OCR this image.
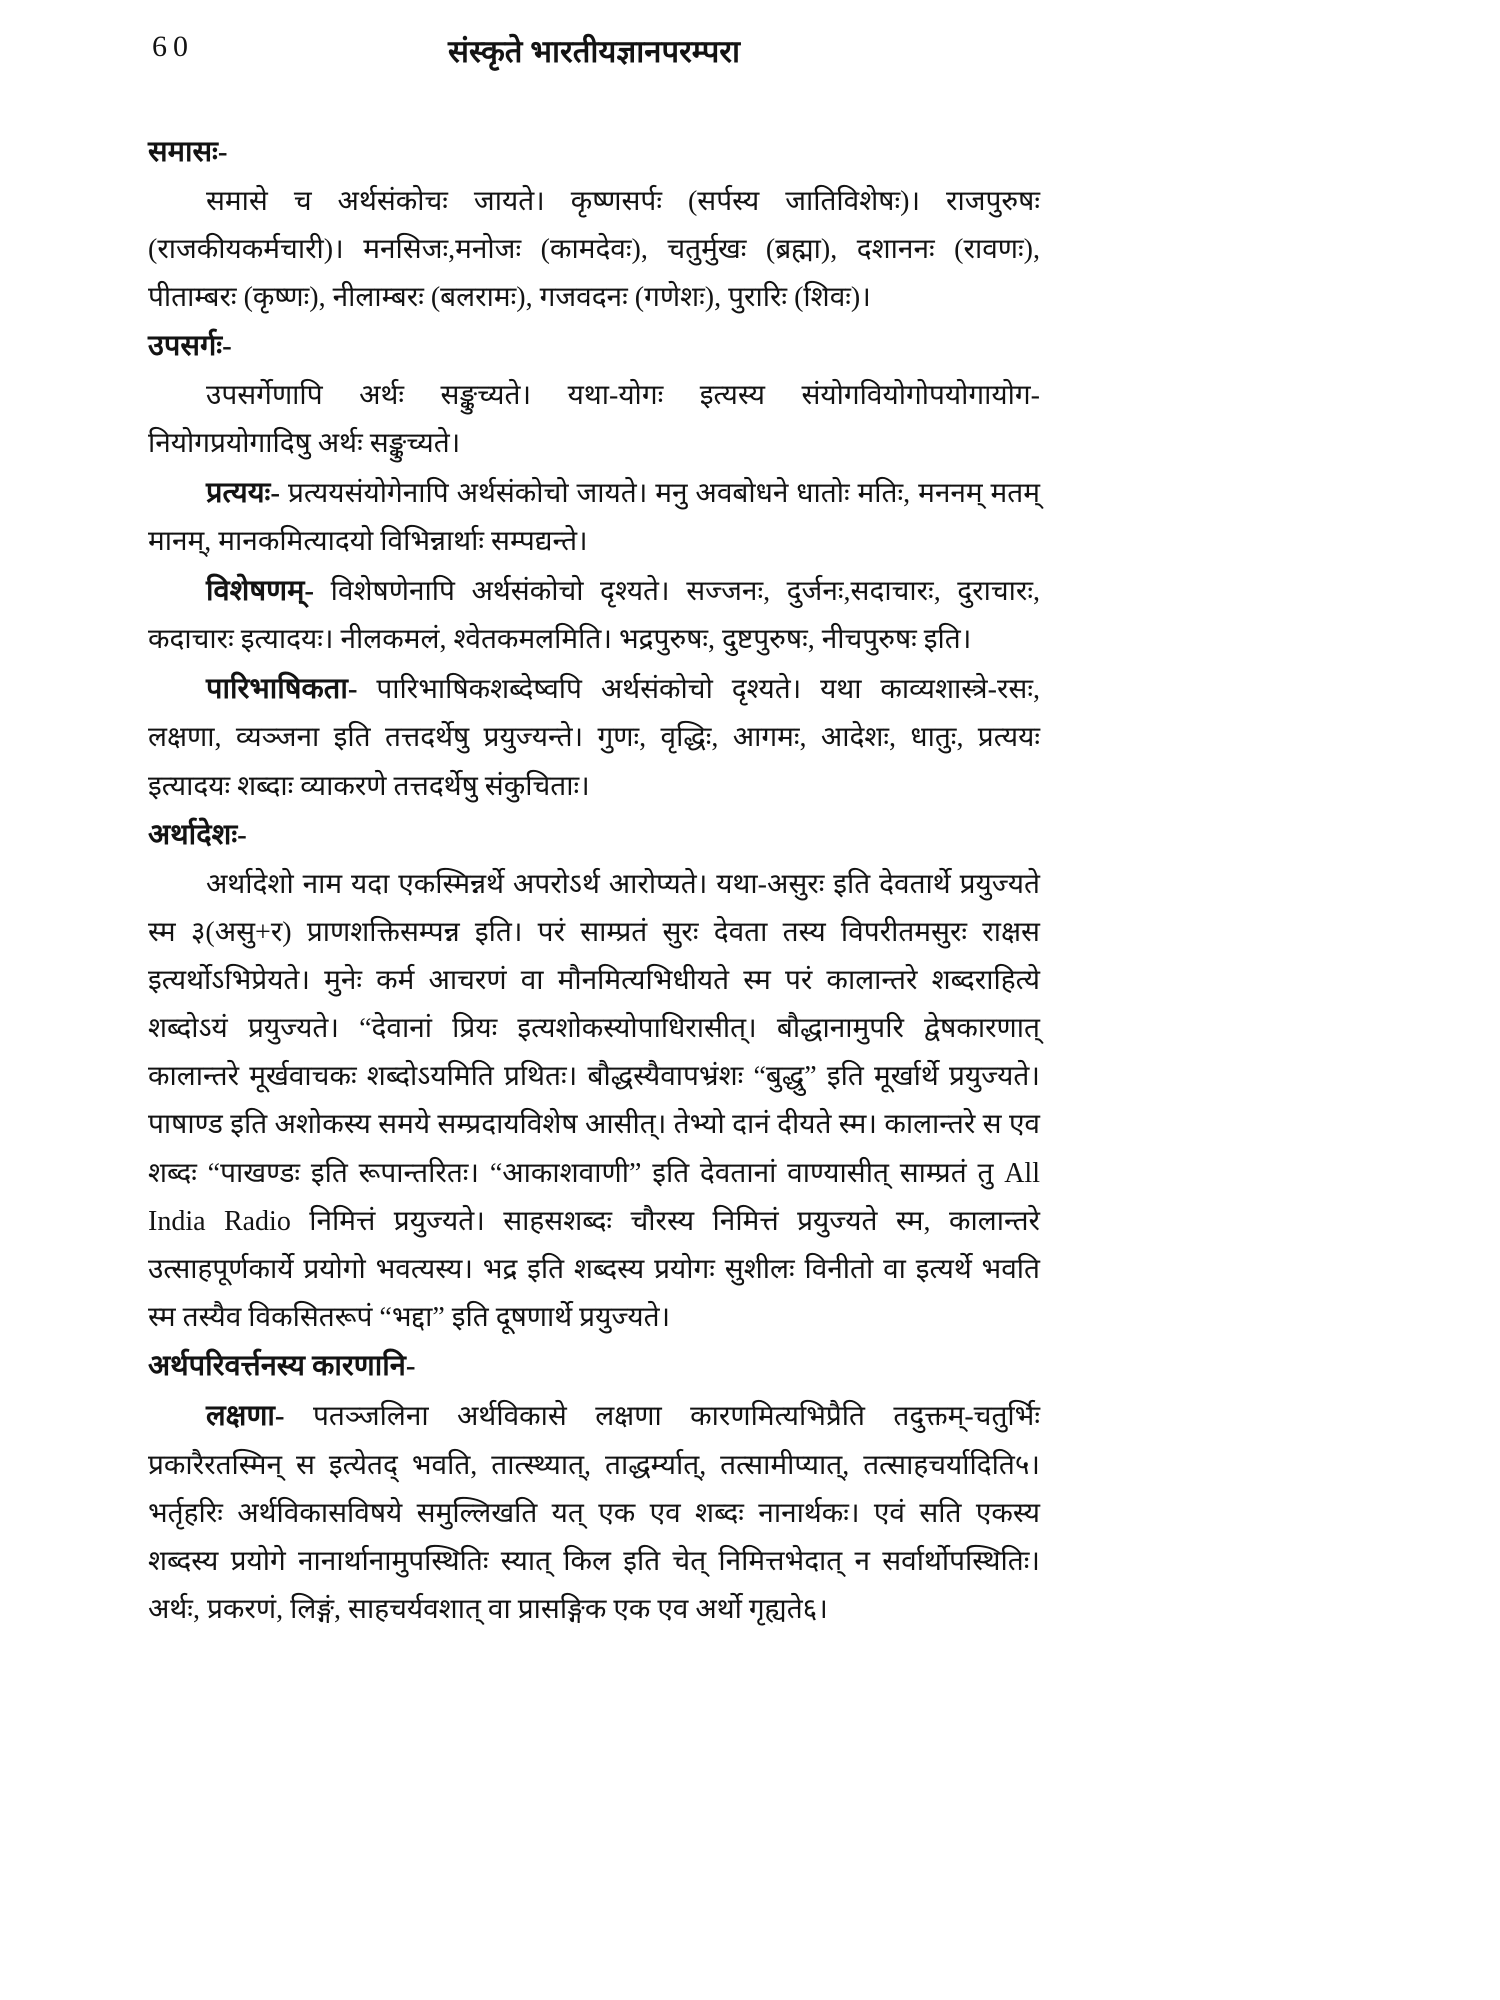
60	संस्कृते भारतीयज्ञानपरम्परा
समासः-
समासे च अर्थसंकोचः जायते। कृष्णसर्पः (सर्पस्य जातिविशेषः)। राजपुरुषः (राजकीयकर्मचारी)। मनसिजः,मनोजः (कामदेवः), चतुर्मुखः (ब्रह्मा), दशाननः (रावणः), पीताम्बरः (कृष्णः), नीलाम्बरः (बलरामः), गजवदनः (गणेशः), पुरारिः (शिवः)।
उपसर्गः-
उपसर्गेणापि अर्थः सङ्कुच्यते। यथा-योगः इत्यस्य संयोगवियोगोपयोगायोग-नियोगप्रयोगादिषु अर्थः सङ्कुच्यते।
प्रत्ययः- प्रत्ययसंयोगेनापि अर्थसंकोचो जायते। मनु अवबोधने धातोः मतिः, मननम् मतम् मानम्, मानकमित्यादयो विभिन्नार्थाः सम्पद्यन्ते।
विशेषणम्- विशेषणेनापि अर्थसंकोचो दृश्यते। सज्जनः, दुर्जनः,सदाचारः, दुराचारः, कदाचारः इत्यादयः। नीलकमलं, श्वेतकमलमिति। भद्रपुरुषः, दुष्टपुरुषः, नीचपुरुषः इति।
पारिभाषिकता- पारिभाषिकशब्देष्वपि अर्थसंकोचो दृश्यते। यथा काव्यशास्त्रे-रसः, लक्षणा, व्यञ्जना इति तत्तदर्थेषु प्रयुज्यन्ते। गुणः, वृद्धिः, आगमः, आदेशः, धातुः, प्रत्ययः इत्यादयः शब्दाः व्याकरणे तत्तदर्थेषु संकुचिताः।
अर्थादेशः-
अर्थादेशो नाम यदा एकस्मिन्नर्थे अपरोऽर्थ आरोप्यते। यथा-असुरः इति देवतार्थे प्रयुज्यते स्म ३(असु+र) प्राणशक्तिसम्पन्न इति। परं साम्प्रतं सुरः देवता तस्य विपरीतमसुरः राक्षस इत्यर्थोऽभिप्रेयते। मुनेः कर्म आचरणं वा मौनमित्यभिधीयते स्म परं कालान्तरे शब्दराहित्ये शब्दोऽयं प्रयुज्यते। “देवानां प्रियः इत्यशोकस्योपाधिरासीत्। बौद्धानामुपरि द्वेषकारणात् कालान्तरे मूर्खवाचकः शब्दोऽयमिति प्रथितः। बौद्धस्यैवापभ्रंशः “बुद्धु” इति मूर्खार्थे प्रयुज्यते। पाषाण्ड इति अशोकस्य समये सम्प्रदायविशेष आसीत्। तेभ्यो दानं दीयते स्म। कालान्तरे स एव शब्दः “पाखण्डः इति रूपान्तरितः। “आकाशवाणी” इति देवतानां वाण्यासीत् साम्प्रतं तु All India Radio निमित्तं प्रयुज्यते। साहसशब्दः चौरस्य निमित्तं प्रयुज्यते स्म, कालान्तरे उत्साहपूर्णकार्ये प्रयोगो भवत्यस्य। भद्र इति शब्दस्य प्रयोगः सुशीलः विनीतो वा इत्यर्थे भवति स्म तस्यैव विकसितरूपं “भद्दा” इति दूषणार्थे प्रयुज्यते।
अर्थपरिवर्त्तनस्य कारणानि-
लक्षणा- पतञ्जलिना अर्थविकासे लक्षणा कारणमित्यभिप्रैति तदुक्तम्-चतुर्भिः प्रकारैरतस्मिन् स इत्येतद् भवति, तात्स्थ्यात्, ताद्धर्म्यात्, तत्सामीप्यात्, तत्साहचर्यादिति५। भर्तृहरिः अर्थविकासविषये समुल्लिखति यत् एक एव शब्दः नानार्थकः। एवं सति एकस्य शब्दस्य प्रयोगे नानार्थानामुपस्थितिः स्यात् किल इति चेत् निमित्तभेदात् न सर्वार्थोपस्थितिः। अर्थः, प्रकरणं, लिङ्गं, साहचर्यवशात् वा प्रासङ्गिक एक एव अर्थो गृह्यते६।
